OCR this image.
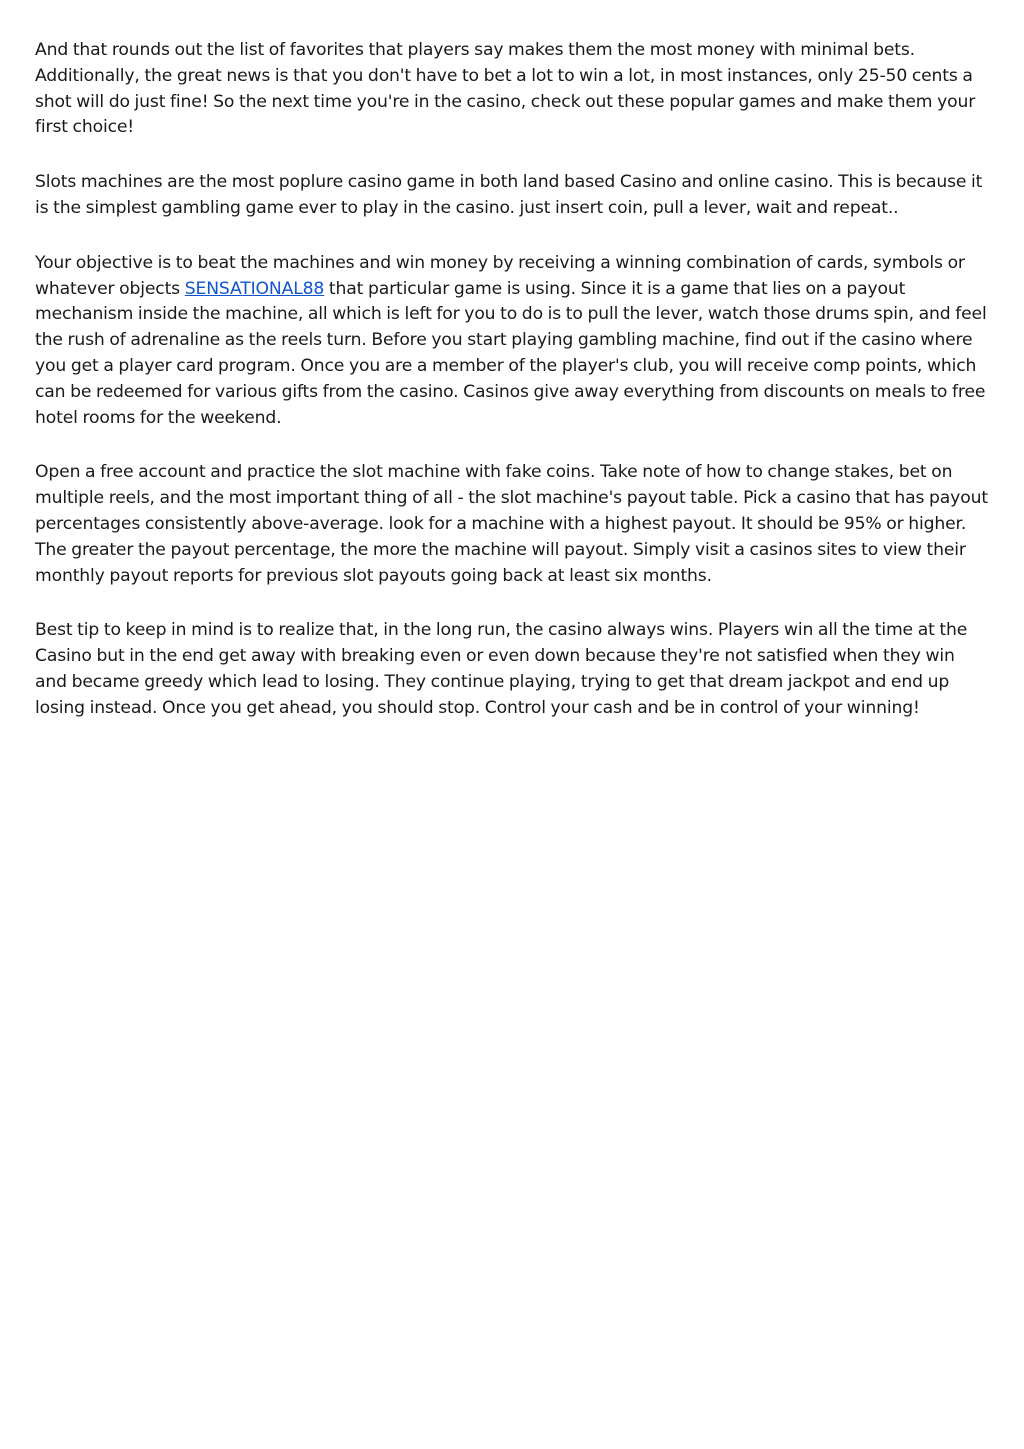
And that rounds out the list of favorites that players say makes them the most money with minimal bets. Additionally, the great news is that you don't have to bet a lot to win a lot, in most instances, only 25-50 cents a shot will do just fine! So the next time you're in the casino, check out these popular games and make them your first choice!

Slots machines are the most poplure casino game in both land based Casino and online casino. This is because it is the simplest gambling game ever to play in the casino. just insert coin, pull a lever, wait and repeat..

Your objective is to beat the machines and win money by receiving a winning combination of cards, symbols or whatever objects SENSATIONAL88 that particular game is using. Since it is a game that lies on a payout mechanism inside the machine, all which is left for you to do is to pull the lever, watch those drums spin, and feel the rush of adrenaline as the reels turn. Before you start playing gambling machine, find out if the casino where you get a player card program. Once you are a member of the player's club, you will receive comp points, which can be redeemed for various gifts from the casino. Casinos give away everything from discounts on meals to free hotel rooms for the weekend.

Open a free account and practice the slot machine with fake coins. Take note of how to change stakes, bet on multiple reels, and the most important thing of all - the slot machine's payout table. Pick a casino that has payout percentages consistently above-average. look for a machine with a highest payout. It should be 95% or higher. The greater the payout percentage, the more the machine will payout. Simply visit a casinos sites to view their monthly payout reports for previous slot payouts going back at least six months.

Best tip to keep in mind is to realize that, in the long run, the casino always wins. Players win all the time at the Casino but in the end get away with breaking even or even down because they're not satisfied when they win and became greedy which lead to losing. They continue playing, trying to get that dream jackpot and end up losing instead. Once you get ahead, you should stop. Control your cash and be in control of your winning!
